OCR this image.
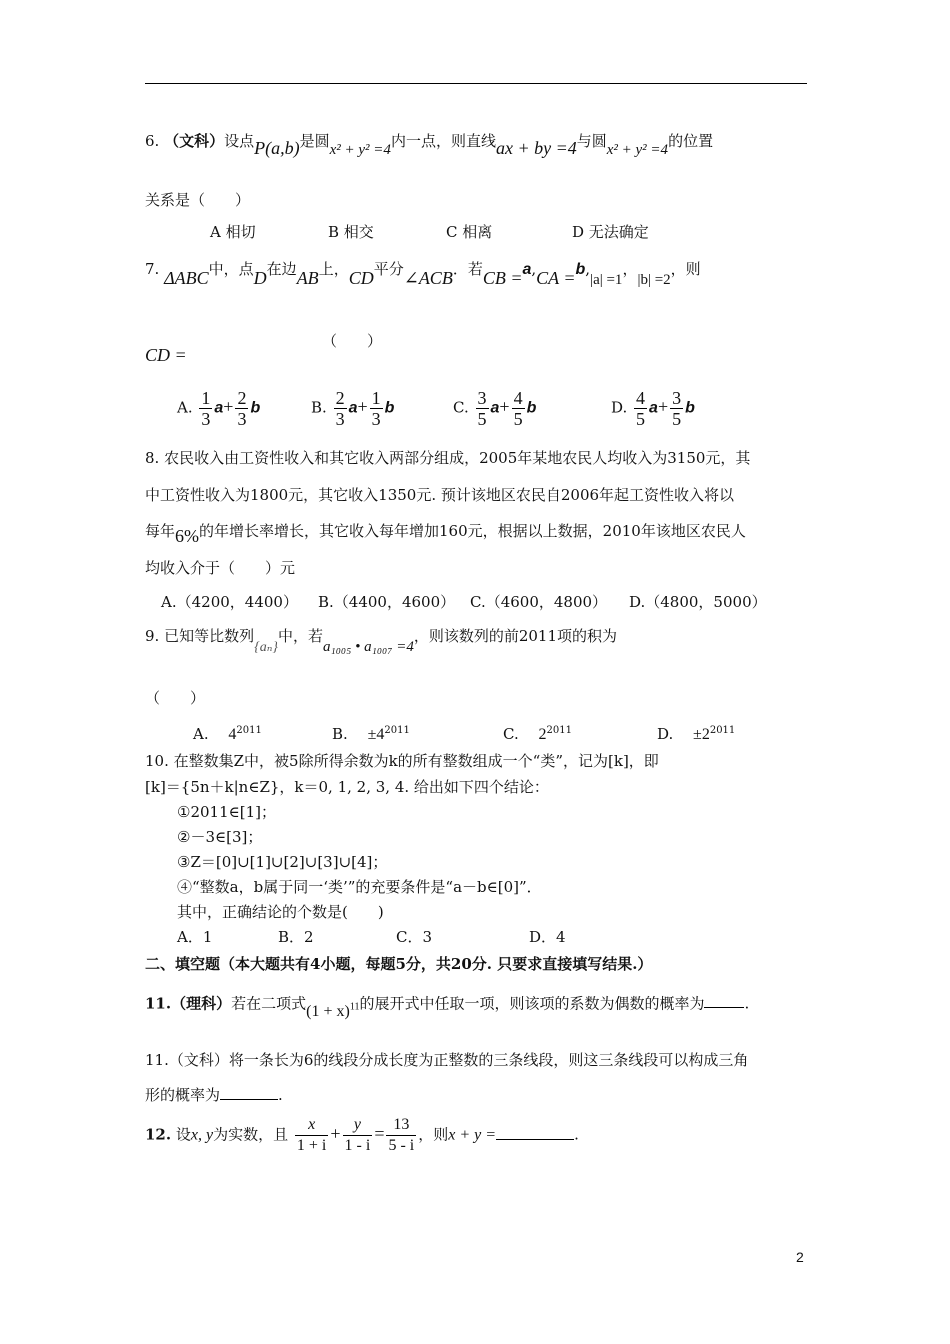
6. （文科）设点P(a,b)是圆x² + y² =4内一点，则直线ax + by =4与圆x² + y² =4的位置
关系是（　　）
A 相切	B 相交	C 相离	D 无法确定
7. ΔABC中，点D在边AB上，CD平分∠ACB．若CB =a,CA =b,|a| =1，|b| =2，则
（　　）
CD =
A. $\frac{1}{3} a+ \frac{2}{3}$ b	B. $\frac{2}{3} a+ \frac{1}{3}$ b	C. $\frac{3}{5} a+ \frac{4}{5}$ b	D. $\frac{4}{5} a+ \frac{3}{5}$ b
8. 农民收入由工资性收入和其它收入两部分组成，2005年某地农民人均收入为3150元，其
中工资性收入为1800元，其它收入1350元. 预计该地区农民自2006年起工资性收入将以
每年6%的年增长率增长，其它收入每年增加160元，根据以上数据，2010年该地区农民人
均收入介于（　　）元
A.（4200，4400） B.（4400，4600） C.（4600，4800） D.（4800，5000）
9. 已知等比数列{aₙ}中，若a₁₀₀₅ • a₁₀₀₇ =4，则该数列的前2011项的积为
（　　）
A.　 $4^{2011}$	B.　 $\pm 4^{2011}$	C.　 $2^{2011}$	D.　 $\pm 2^{2011}$
10. 在整数集Z中，被5除所得余数为k的所有整数组成一个“类”，记为[k]，即
[k]＝{5n＋k|n∈Z}，k＝0, 1, 2, 3, 4. 给出如下四个结论：
①2011∈[1]；
②－3∈[3]；
③Z＝[0]∪[1]∪[2]∪[3]∪[4]；
④“整数a，b属于同一‘类’”的充要条件是“a－b∈[0]”．
其中，正确结论的个数是(　　)
A．1	B．2	C．3	D．4
二、填空题（本大题共有4小题，每题5分，共20分. 只要求直接填写结果.）
11.（理科）若在二项式$(1 + x)^{11}$的展开式中任取一项，则该项的系数为偶数的概率为	.
11.（文科）将一条长为6的线段分成长度为正整数的三条线段，则这三条线段可以构成三角
形的概率为	.
12. 设x, y为实数，且 $\frac{x}{1 + i} + \frac{y}{1 - i} = \frac{13}{5 - i}$ ，则x + y =	.
2
